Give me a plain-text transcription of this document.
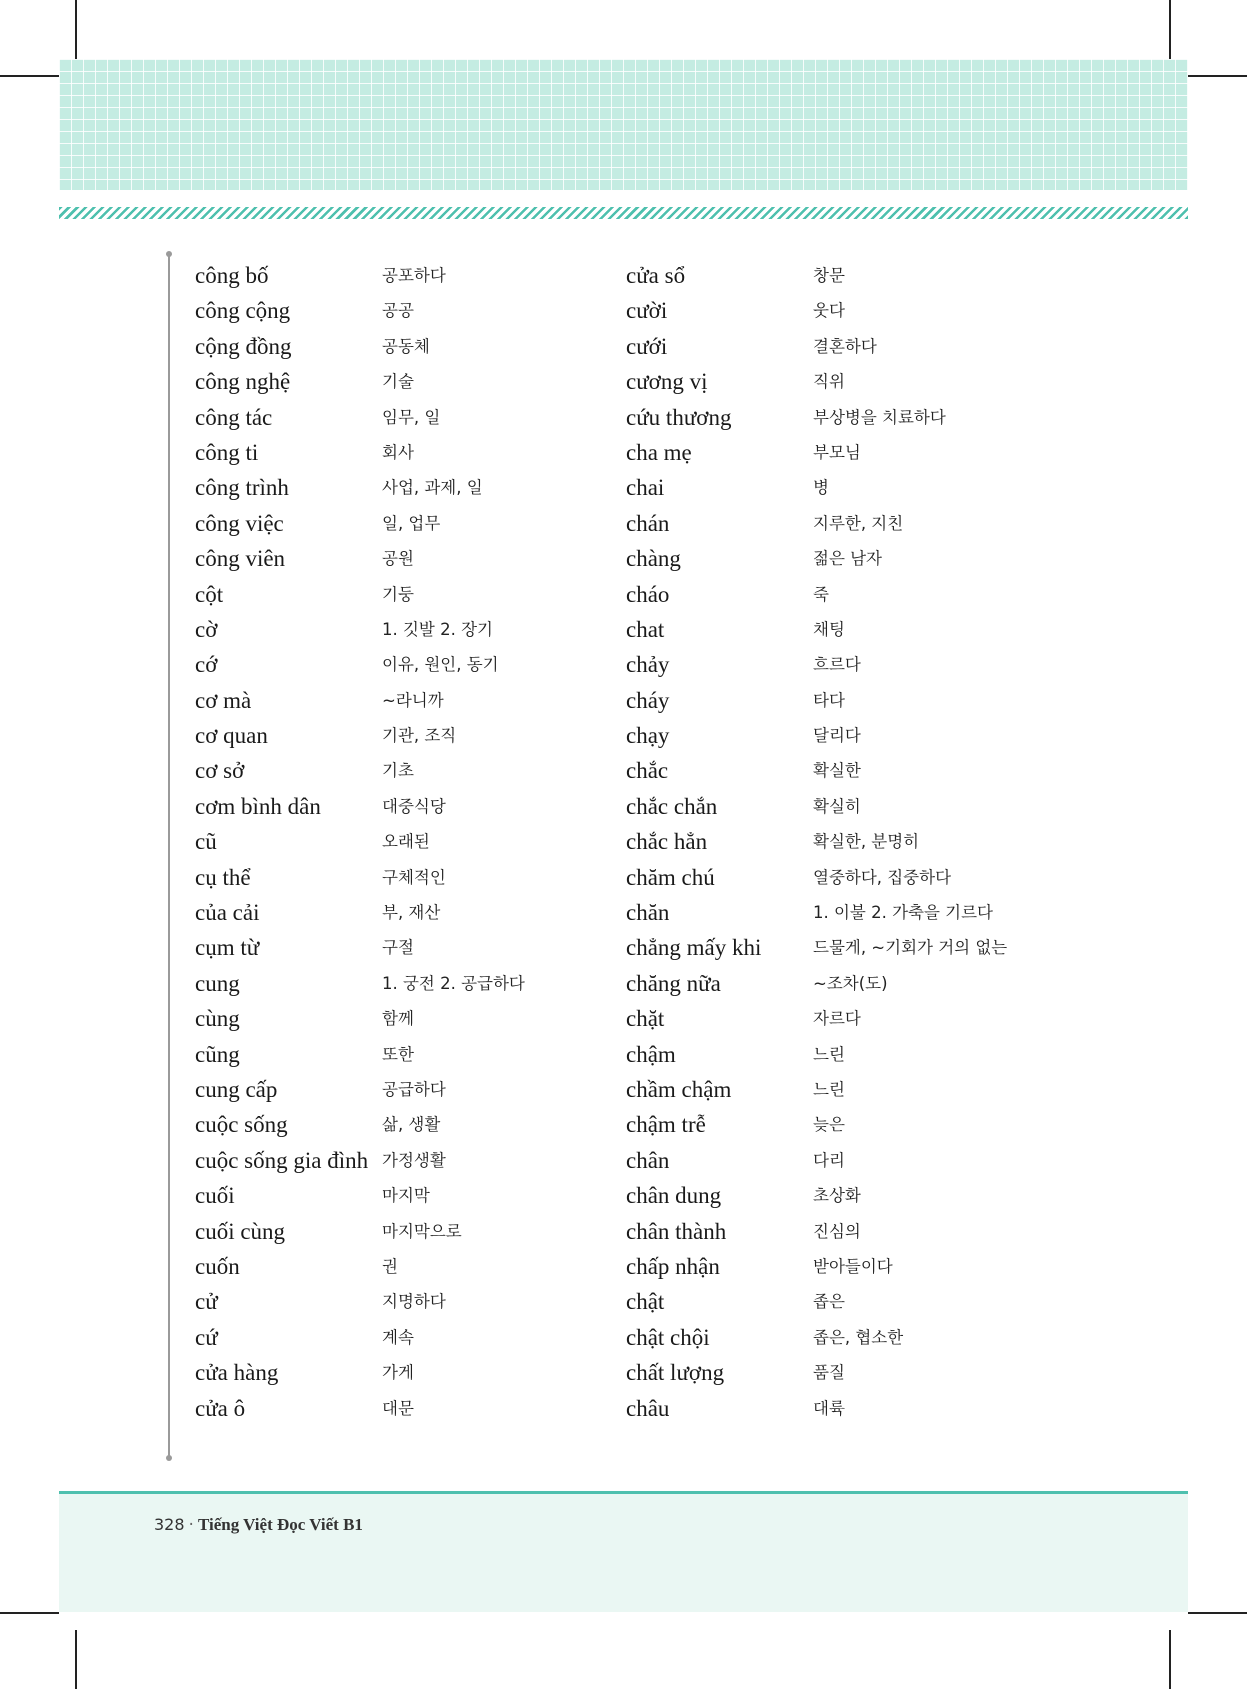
công bố	공포하다
công cộng	공공
cộng đồng	공동체
công nghệ	기술
công tác	임무, 일
công ti	회사
công trình	사업, 과제, 일
công việc	일, 업무
công viên	공원
cột	기둥
cờ	1. 깃발 2. 장기
cớ	이유, 원인, 동기
cơ mà	~라니까
cơ quan	기관, 조직
cơ sở	기초
cơm bình dân	대중식당
cũ	오래된
cụ thể	구체적인
của cải	부, 재산
cụm từ	구절
cung	1. 궁전 2. 공급하다
cùng	함께
cũng	또한
cung cấp	공급하다
cuộc sống	삶, 생활
cuộc sống gia đình 가정생활
cuối	마지막
cuối cùng	마지막으로
cuốn	권
cử	지명하다
cứ	계속
cửa hàng	가게
cửa ô	대문
cửa sổ	창문
cười	웃다
cưới	결혼하다
cương vị	직위
cứu thương	부상병을 치료하다
cha mẹ	부모님
chai	병
chán	지루한, 지친
chàng	젊은 남자
cháo	죽
chat	채팅
chảy	흐르다
cháy	타다
chạy	달리다
chắc	확실한
chắc chắn	확실히
chắc hẳn	확실한, 분명히
chăm chú	열중하다, 집중하다
chăn	1. 이불 2. 가축을 기르다
chẳng mấy khi	드물게, ~기회가 거의 없는
chăng nữa	~조차(도)
chặt	자르다
chậm	느린
chầm chậm	느린
chậm trễ	늦은
chân	다리
chân dung	초상화
chân thành	진심의
chấp nhận	받아들이다
chật	좁은
chật chội	좁은, 협소한
chất lượng	품질
châu	대륙
328 · Tiếng Việt Đọc Viết B1
